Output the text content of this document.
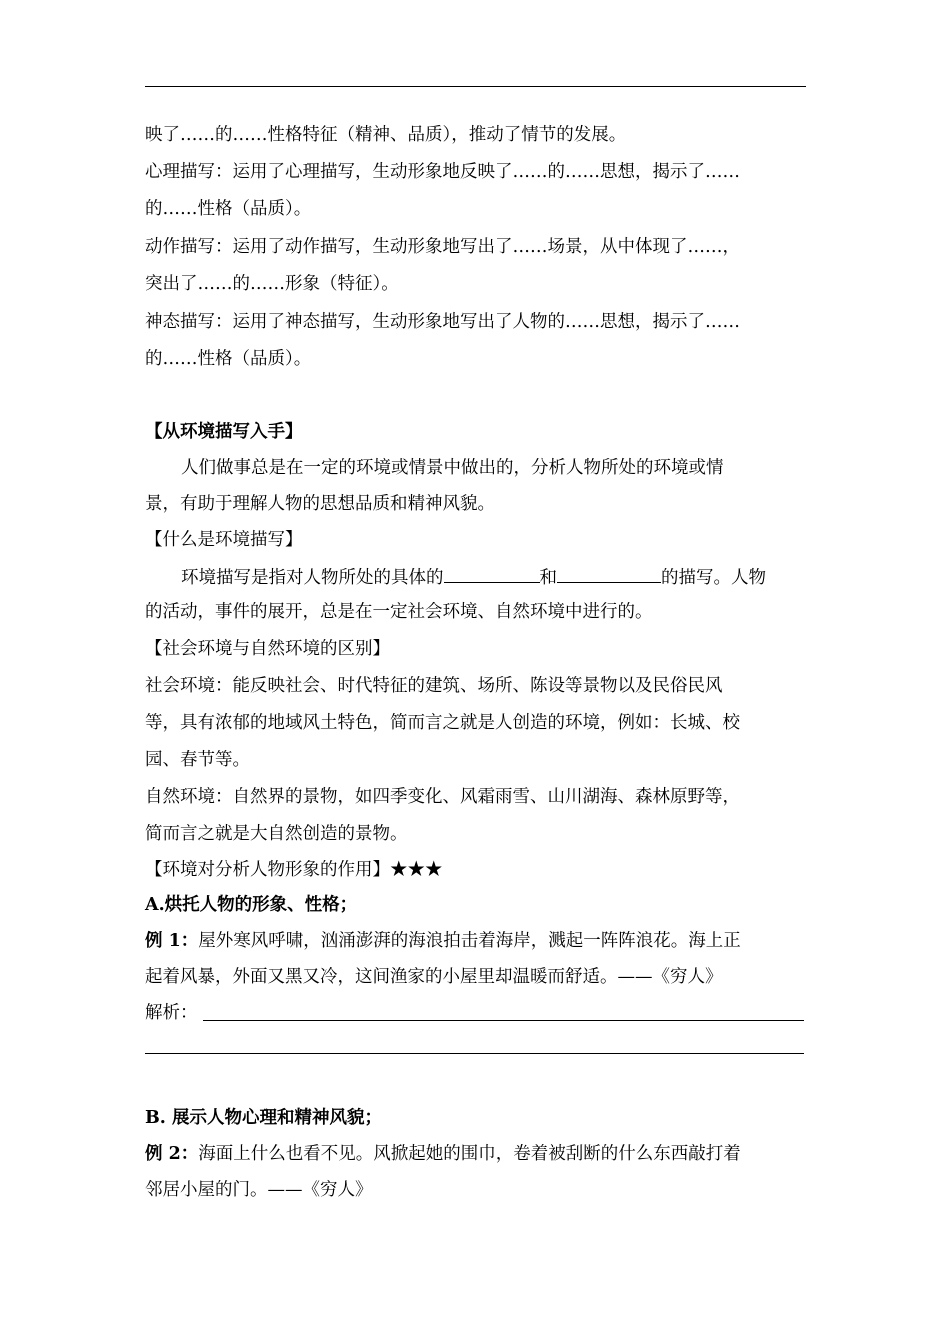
映了……的……性格特征（精神、品质），推动了情节的发展。
心理描写：运用了心理描写，生动形象地反映了……的……思想，揭示了……
的……性格（品质）。
动作描写：运用了动作描写，生动形象地写出了……场景，从中体现了……，
突出了……的……形象（特征）。
神态描写：运用了神态描写，生动形象地写出了人物的……思想，揭示了……
的……性格（品质）。
【从环境描写入手】
人们做事总是在一定的环境或情景中做出的，分析人物所处的环境或情
景，有助于理解人物的思想品质和精神风貌。
【什么是环境描写】
环境描写是指对人物所处的具体的	和	的描写。人物
的活动，事件的展开，总是在一定社会环境、自然环境中进行的。
【社会环境与自然环境的区别】
社会环境：能反映社会、时代特征的建筑、场所、陈设等景物以及民俗民风
等，具有浓郁的地域风土特色，简而言之就是人创造的环境，例如：长城、校
园、春节等。
自然环境：自然界的景物，如四季变化、风霜雨雪、山川湖海、森林原野等，
简而言之就是大自然创造的景物。
【环境对分析人物形象的作用】★★★
A.烘托人物的形象、性格；
例 1：屋外寒风呼啸，汹涌澎湃的海浪拍击着海岸，溅起一阵阵浪花。海上正
起着风暴，外面又黑又冷，这间渔家的小屋里却温暖而舒适。——《穷人》
解析：
B. 展示人物心理和精神风貌；
例 2：海面上什么也看不见。风掀起她的围巾，卷着被刮断的什么东西敲打着
邻居小屋的门。——《穷人》
